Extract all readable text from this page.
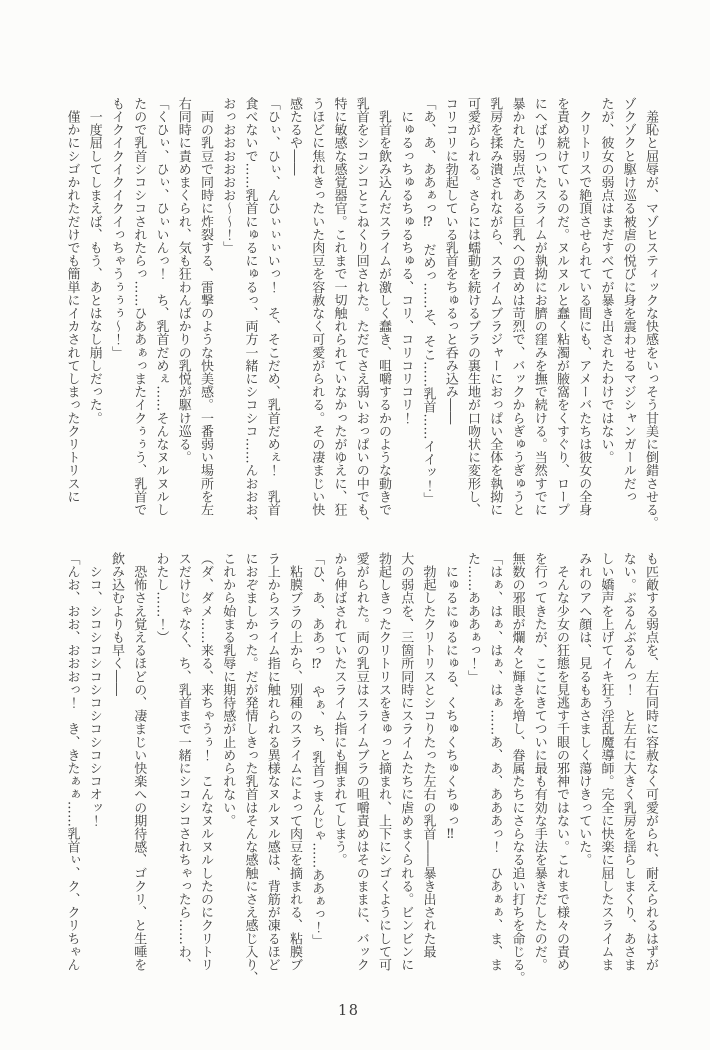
　羞恥と屈辱が、マゾヒスティックな快感をいっそう甘美に倒錯させる。
ゾクゾクと駆け巡る被虐の悦びに身を震わせるマジシャンガールだっ
たが、彼女の弱点はまだすべてが暴き出されたわけではない。
　クリトリスで絶頂させられている間にも、アメーバたちは彼女の全身
を責め続けているのだ。ヌルヌルと蠢く粘濁が腋窩をくすぐり、ロープ
にへばりついたスライムが執拗にお臍の窪みを撫で続ける。当然すでに
暴かれた弱点である巨乳への責めは苛烈で、バックからぎゅうぎゅうと
乳房を揉み潰されながら、スライムブラジャーにおっぱい全体を執拗に
可愛がられる。さらには蠕動を続けるブラの裏生地が口吻状に変形し、
コリコリに勃起している乳首をちゅるっと呑み込み――
「あ、あ、ああぁっ⁉　だめっ……そ、そこ……乳首……イイッ！」
　にゅるっちゅるちゅるちゅる、コリ、コリコリコリ！
　乳首を飲み込んだスライムが激しく蠢き、咀嚼するかのような動きで
乳首をシコシコとこねくり回された。ただでさえ弱いおっぱいの中でも、
特に敏感な感覚器官。これまで一切触れられていなかったがゆえに、狂
うほどに焦れきったいた肉豆を容赦なく可愛がられる。その凄まじい快
感たるや――
「ひぃ、ひぃ、んひぃぃぃいっ！　そ、そこだめ、乳首だめぇ！　乳首
食べないで……乳首にゅるにゅるっ、両方一緒にシコシコ……んおおお、
おっおおおおおお〜〜！」
　両の乳豆で同時に炸裂する、雷撃のような快美感。一番弱い場所を左
右同時に責めまくられ、気も狂わんばかりの乳悦が駆け巡る。
「くひぃ、ひぃ、ひぃいんっ！　ち、乳首だめぇ……そんなヌルヌルし
たので乳首シコシコされたらっ……ひああぁっまたイクぅぅう、乳首で
もイクイクイクイクイっちゃうぅぅぅ〜！」
　一度屈してしまえば、もう、あとはなし崩しだった。
　僅かにシゴかれただけでも簡単にイカされてしまったクリトリスに
も匹敵する弱点を、左右同時に容赦なく可愛がられ、耐えられるはずが
ない。ぶるんぶるんっ！　と左右に大きく乳房を揺らしまくり、あさま
しい嬌声を上げてイキ狂う淫乱魔導師。完全に快楽に屈したスライムま
みれのアヘ顔は、見るもあさましく蕩けきっていた。
　そんな少女の狂態を見逃す千眼の邪神ではない。これまで様々の責め
を行ってきたが、ここにきてついに最も有効な手法を暴きだしたのだ。
無数の邪眼が爛々と輝きを増し、眷属たちにさらなる追い打ちを命じる。
「はぁ、はぁ、はぁ、はぁ……あ、あ、あああっ！　ひあぁぁ、ま、ま
た……あああぁっ！」
　にゅるにゅるにゅる、くちゅくちゅくちゅっ‼
　勃起したクリトリスとシコりたった左右の乳首――暴き出された最
大の弱点を、三箇所同時にスライムたちに虐めまくられる。ビンビンに
勃起しきったクリトリスをきゅっと摘まれ、上下にシゴくようにして可
愛がられた。両の乳豆はスライムブラの咀嚼責めはそのままに、バック
から伸ばされていたスライム指にも掴まれてしまう。
「ひ、あ、ああっ⁉　やぁ、ち、乳首つまんじゃ……ああぁっ！」
　粘膜ブラの上から、別種のスライムによって肉豆を摘まれる、粘膜ブ
ラ上からスライム指に触れられる異様なヌルヌル感は、背筋が凍るほど
におぞましかった。だが発情しきった乳首はそんな感触にさえ感じ入り、
これから始まる乳辱に期待感が止められない。
（ダ、ダメ……来る、来ちゃうぅ！　こんなヌルヌルしたのにクリトリ
スだけじゃなく、ち、乳首まで一緒にシコシコされちゃったら……わ、
わたし……！）
　恐怖さえ覚えるほどの、凄まじい快楽への期待感、ゴクリ、と生唾を
飲み込むよりも早く――
　シコ、シコシコシコシコシコシコシコオッ！
「んお、おお、おおおっ！　き、きたぁぁ……乳首ぃ、ク、クリちゃん
18
